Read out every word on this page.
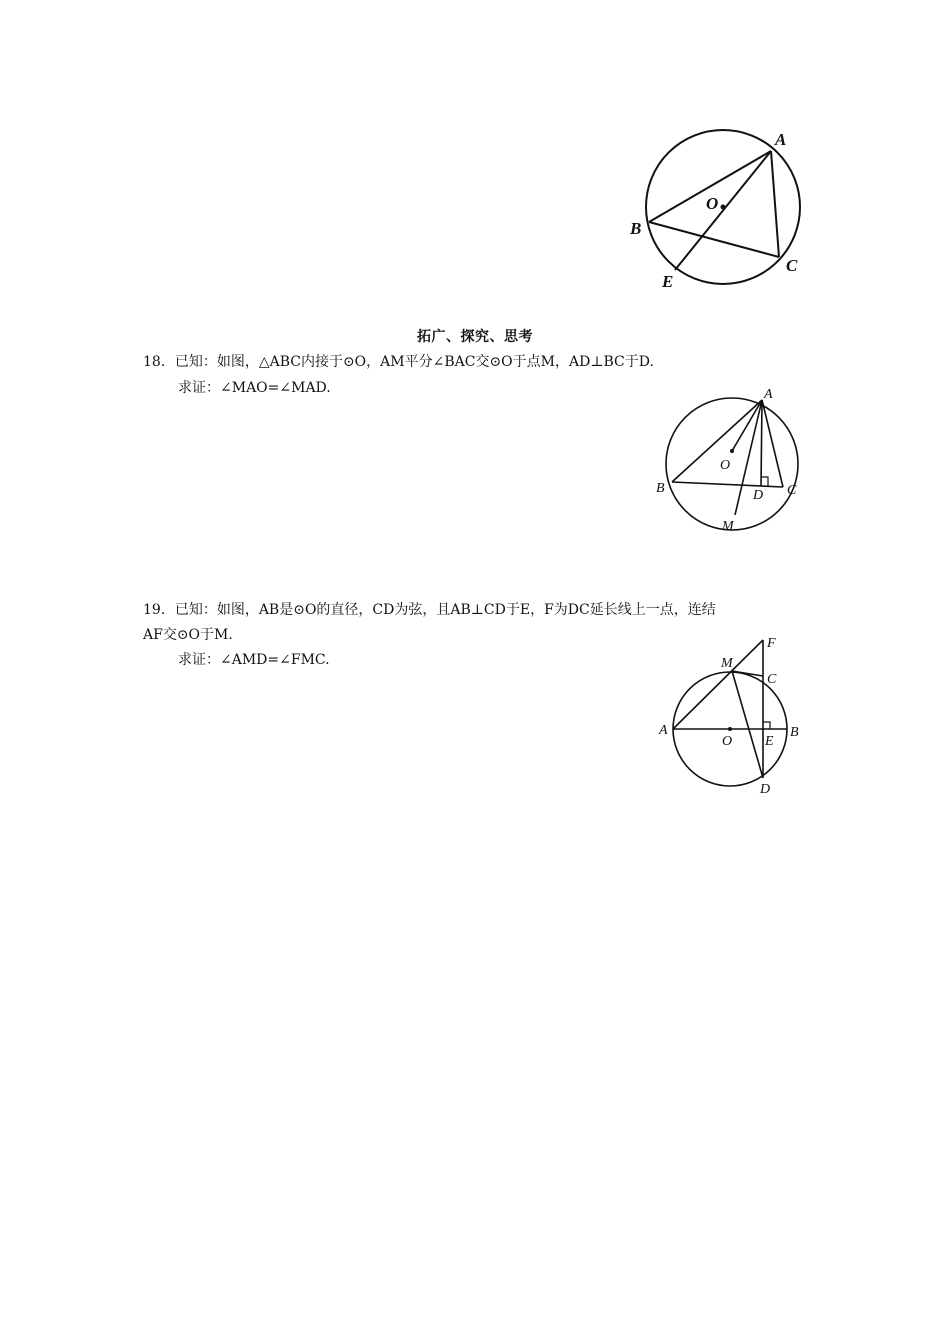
A
B
C
O
E
拓广、探究、思考
18．已知：如图，△ABC内接于⊙O，AM平分∠BAC交⊙O于点M，AD⊥BC于D.
求证：∠MAO=∠MAD.	A
B	C
O
D
M
19．已知：如图，AB是⊙O的直径，CD为弦，且AB⊥CD于E，F为DC延长线上一点，连结
AF交⊙O于M.
求证：∠AMD=∠FMC.
F
M
C
A
O E
B
D
